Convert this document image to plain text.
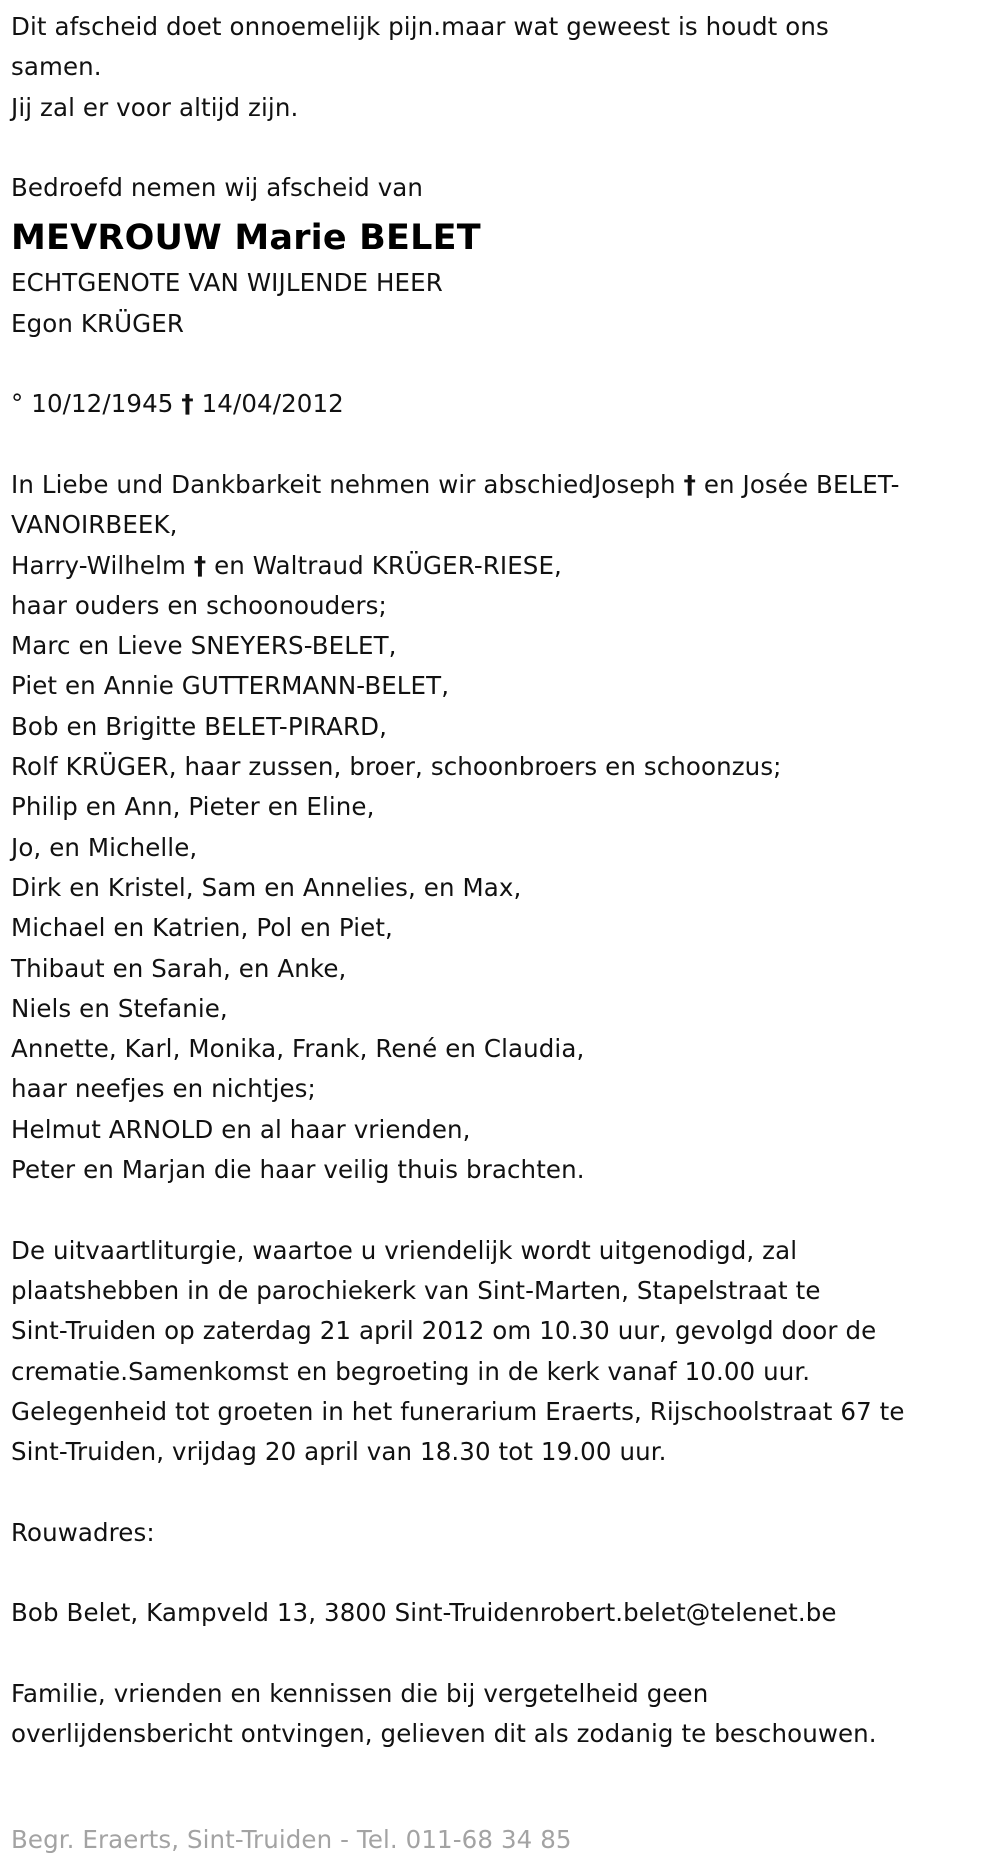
Dit afscheid doet onnoemelijk pijn.maar wat geweest is houdt ons
samen.
Jij zal er voor altijd zijn.
Bedroefd nemen wij afscheid van
MEVROUW Marie BELET
ECHTGENOTE VAN WIJLENDE HEER
Egon KRÜGER
° 10/12/1945 † 14/04/2012
In Liebe und Dankbarkeit nehmen wir abschiedJoseph † en Josée BELET-
VANOIRBEEK,
Harry-Wilhelm † en Waltraud KRÜGER-RIESE,
haar ouders en schoonouders;
Marc en Lieve SNEYERS-BELET,
Piet en Annie GUTTERMANN-BELET,
Bob en Brigitte BELET-PIRARD,
Rolf KRÜGER, haar zussen, broer, schoonbroers en schoonzus;
Philip en Ann, Pieter en Eline,
Jo, en Michelle,
Dirk en Kristel, Sam en Annelies, en Max,
Michael en Katrien, Pol en Piet,
Thibaut en Sarah, en Anke,
Niels en Stefanie,
Annette, Karl, Monika, Frank, René en Claudia,
haar neefjes en nichtjes;
Helmut ARNOLD en al haar vrienden,
Peter en Marjan die haar veilig thuis brachten.
De uitvaartliturgie, waartoe u vriendelijk wordt uitgenodigd, zal
plaatshebben in de parochiekerk van Sint-Marten, Stapelstraat te
Sint-Truiden op zaterdag 21 april 2012 om 10.30 uur, gevolgd door de
crematie.Samenkomst en begroeting in de kerk vanaf 10.00 uur.
Gelegenheid tot groeten in het funerarium Eraerts, Rijschoolstraat 67 te
Sint-Truiden, vrijdag 20 april van 18.30 tot 19.00 uur.
Rouwadres:
Bob Belet, Kampveld 13, 3800 Sint-Truidenrobert.belet@telenet.be
Familie, vrienden en kennissen die bij vergetelheid geen
overlijdensbericht ontvingen, gelieven dit als zodanig te beschouwen.
Begr. Eraerts, Sint-Truiden - Tel. 011-68 34 85
